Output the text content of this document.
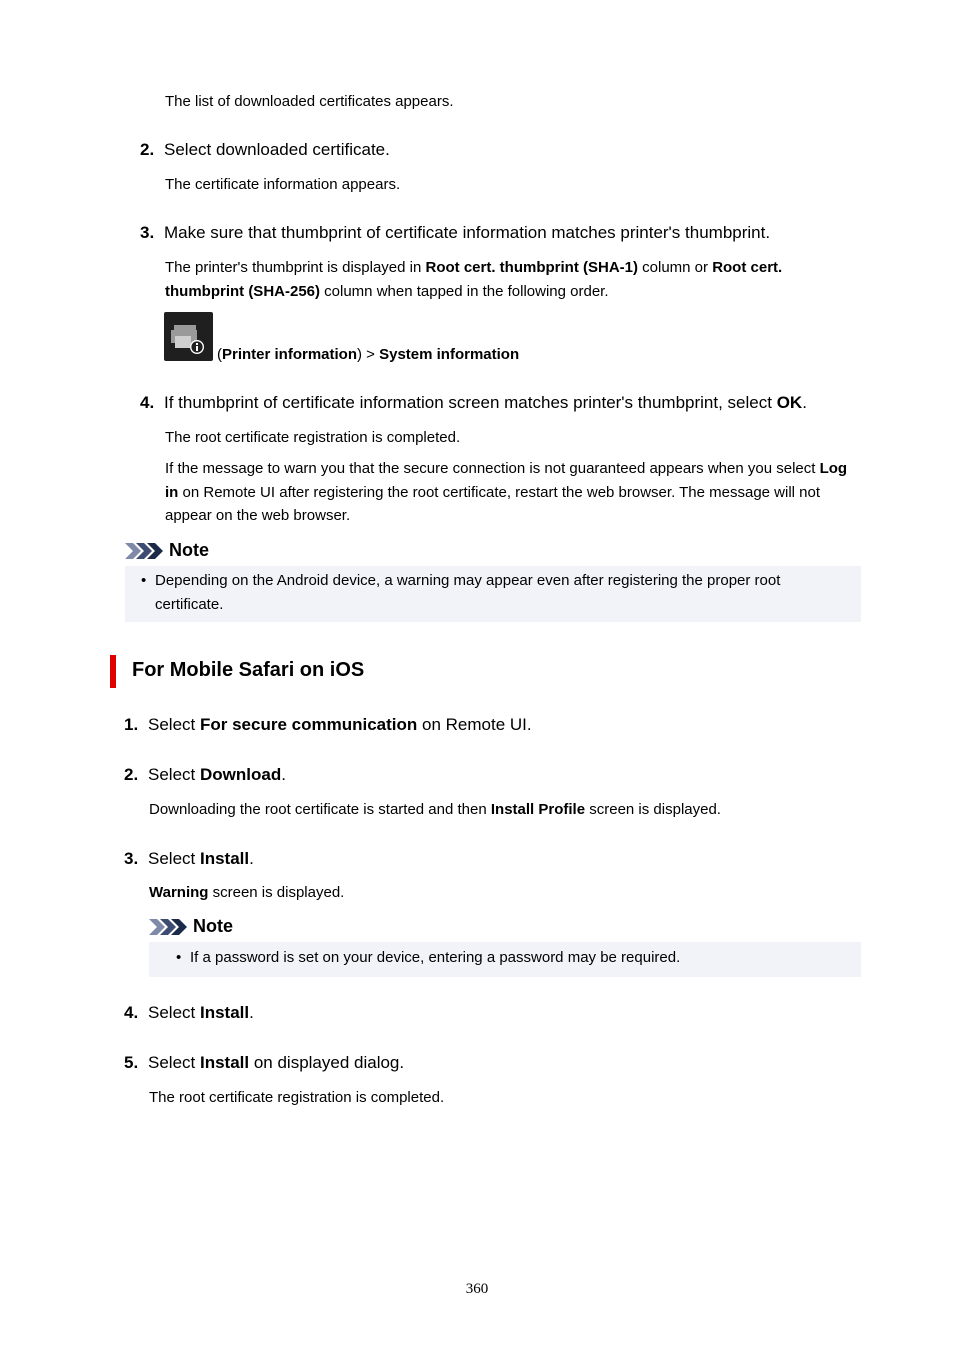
The list of downloaded certificates appears.

2. Select downloaded certificate.

The certificate information appears.

3. Make sure that thumbprint of certificate information matches printer's thumbprint.

The printer's thumbprint is displayed in Root cert. thumbprint (SHA-1) column or Root cert. thumbprint (SHA-256) column when tapped in the following order.

(Printer information) > System information
4. If thumbprint of certificate information screen matches printer's thumbprint, select OK.

The root certificate registration is completed.

If the message to warn you that the secure connection is not guaranteed appears when you select Log in on Remote UI after registering the root certificate, restart the web browser. The message will not appear on the web browser.

Note
• Depending on the Android device, a warning may appear even after registering the proper root certificate.
For Mobile Safari on iOS
1. Select For secure communication on Remote UI.
2. Select Download.

Downloading the root certificate is started and then Install Profile screen is displayed.

3. Select Install.

Warning screen is displayed.

Note
• If a password is set on your device, entering a password may be required.
4. Select Install.
5. Select Install on displayed dialog.

The root certificate registration is completed.

360
